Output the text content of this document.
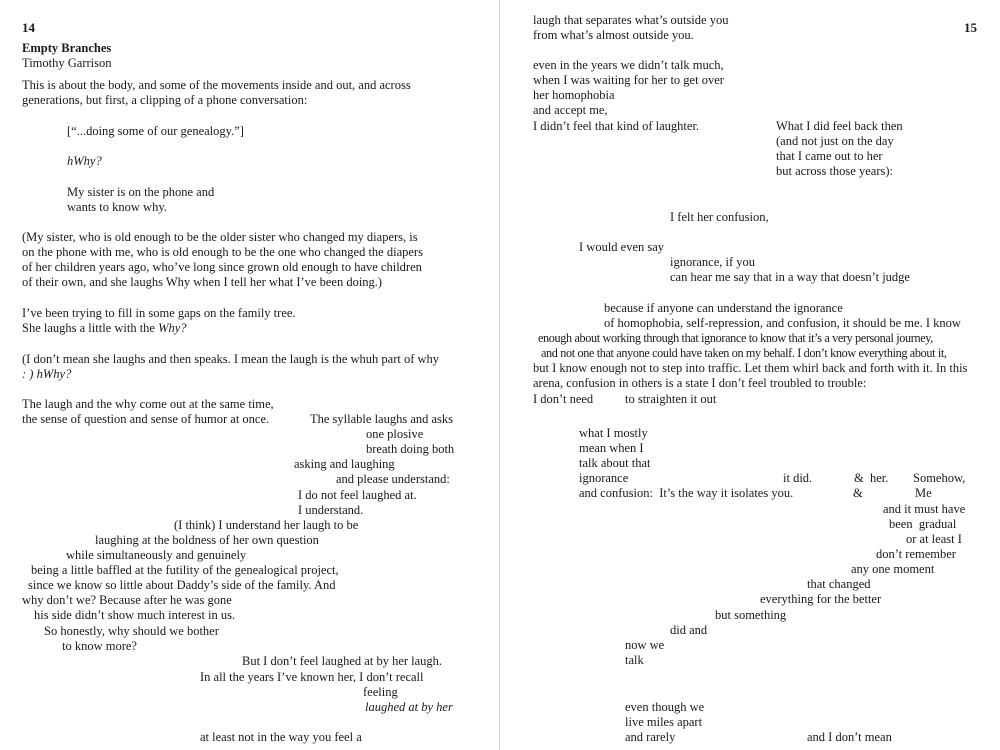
14
Empty Branches
Timothy Garrison
This is about the body, and some of the movements inside and out, and across
generations, but first, a clipping of a phone conversation:
[“...doing some of our genealogy.”]
hWhy?
My sister is on the phone and
wants to know why.
(My sister, who is old enough to be the older sister who changed my diapers, is
on the phone with me, who is old enough to be the one who changed the diapers
of her children years ago, who’ve long since grown old enough to have children
of their own, and she laughs Why when I tell her what I’ve been doing.)
I’ve been trying to fill in some gaps on the family tree.
She laughs a little with the Why?
(I don’t mean she laughs and then speaks. I mean the laugh is the whuh part of why
: ) hWhy?
The laugh and the why come out at the same time,
the sense of question and sense of humor at once.	The syllable laughs and asks
one plosive
breath doing both
asking and laughing
and please understand:
I do not feel laughed at.
I understand.
(I think) I understand her laugh to be
laughing at the boldness of her own question
while simultaneously and genuinely
being a little baffled at the futility of the genealogical project,
since we know so little about Daddy’s side of the family. And
why don’t we? Because after he was gone
his side didn’t show much interest in us.
So honestly, why should we bother
to know more?
But I don’t feel laughed at by her laugh.
In all the years I’ve known her, I don’t recall
feeling
laughed at by her
at least not in the way you feel a
15
laugh that separates what’s outside you
from what’s almost outside you.
even in the years we didn’t talk much,
when I was waiting for her to get over
her homophobia
and accept me,
I didn’t feel that kind of laughter.	What I did feel back then
(and not just on the day
that I came out to her
but across those years):
I felt her confusion,
I would even say
ignorance, if you
can hear me say that in a way that doesn’t judge
because if anyone can understand the ignorance
of homophobia, self-repression, and confusion, it should be me. I know
enough about working through that ignorance to know that it’s a very personal journey,
and not one that anyone could have taken on my behalf. I don’t know everything about it,
but I know enough not to step into traffic. Let them whirl back and forth with it. In this
arena, confusion in others is a state I don’t feel troubled to trouble:
I don’t need	to straighten it out
what I mostly
mean when I
talk about that
ignorance	it did.	&  her. Somehow,
and confusion:  It’s the way it isolates you.	&	Me
and it must have
been  gradual
or at least I
don’t remember
any one moment
that changed
everything for the better
but something
did and
now we
talk
even though we
live miles apart
and rarely	and I don’t mean
